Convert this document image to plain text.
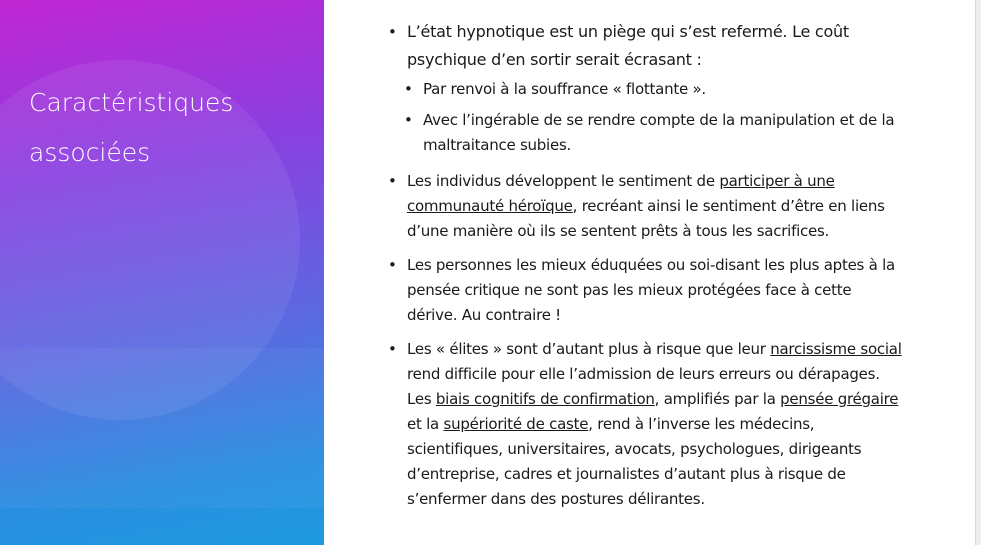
Caractéristiques associées
• L’état hypnotique est un piège qui s’est refermé. Le coût psychique d’en sortir serait écrasant :
• Par renvoi à la souffrance « flottante ».
• Avec l’ingérable de se rendre compte de la manipulation et de la maltraitance subies.
• Les individus développent le sentiment de participer à une communauté héroïque, recréant ainsi le sentiment d’être en liens d’une manière où ils se sentent prêts à tous les sacrifices.
• Les personnes les mieux éduquées ou soi-disant les plus aptes à la pensée critique ne sont pas les mieux protégées face à cette dérive. Au contraire !
• Les « élites » sont d’autant plus à risque que leur narcissisme social rend difficile pour elle l’admission de leurs erreurs ou dérapages. Les biais cognitifs de confirmation, amplifiés par la pensée grégaire et la supériorité de caste, rend à l’inverse les médecins, scientifiques, universitaires, avocats, psychologues, dirigeants d’entreprise, cadres et journalistes d’autant plus à risque de s’enfermer dans des postures délirantes.
